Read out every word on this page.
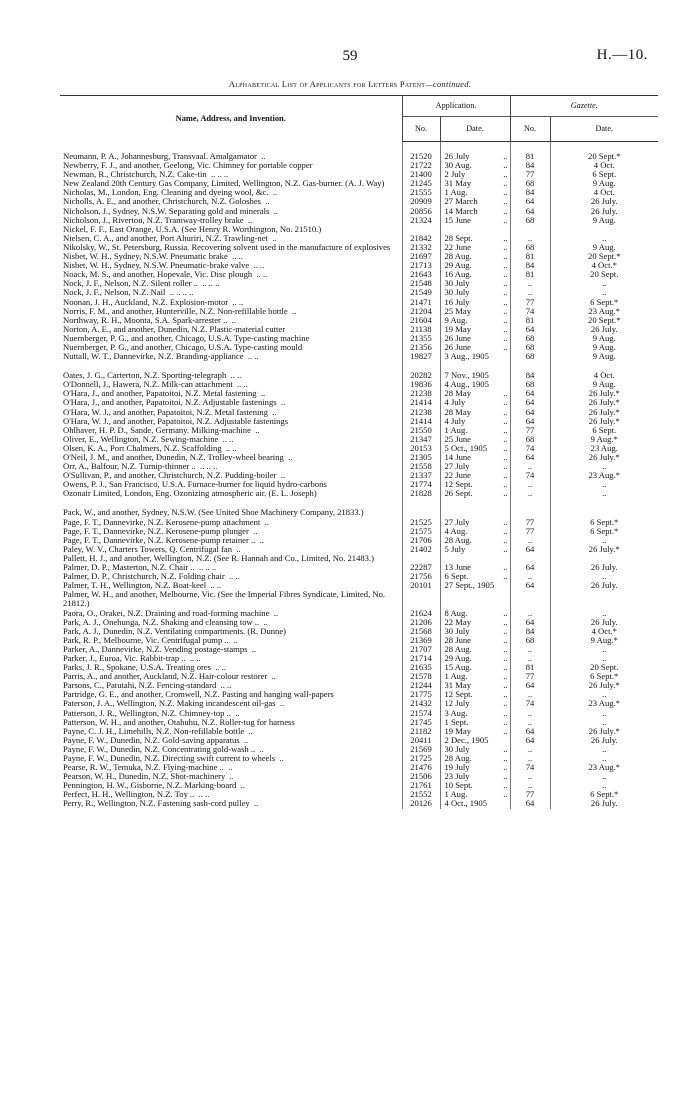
59	H.—10.
Alphabetical List of Applicants for Letters Patent—continued.
Name, Address, and Invention.	Application.		Gazette.	
	No.	Date.	No.	Date.
Neumann, P. A., Johannesburg, Transvaal. Amalgamator ..	21520	26 July ..	81	20 Sept.*
Newberry, F. J., and another, Geelong, Vic. Chimney for portable copper	21722	30 Aug. ..	84	4 Oct.
Newman, R., Christchurch, N.Z. Cake-tin .. .. ..	21400	2 July ..	77	6 Sept.
New Zealand 20th Century Gas Company, Limited, Wellington, N.Z. Gas-burner. (A. J. Way)	21245	31 May ..	68	9 Aug.
Nicholas, M., London, Eng. Cleaning and dyeing wool, &c. ..	21555	1 Aug. ..	84	4 Oct.
Nicholls, A. E., and another, Christchurch, N.Z. Goloshes ..	20909	27 March ..	64	26 July.
Nicholson, J., Sydney, N.S.W. Separating gold and minerals ..	20856	14 March ..	64	26 July.
Nicholson, J., Riverton, N.Z. Tramway-trolley brake ..	21324	15 June ..	68	9 Aug.
Nickel, F. F., East Orange, U.S.A. (See Henry R. Worthington, No. 21510.)				
Nielsen, C. A., and another, Port Ahuriri, N.Z. Trawling-net ..	21842	28 Sept. ..	..	..
Nikolsky, W., St. Petersburg, Russia. Recovering solvent used in the manufacture of explosives	21332	22 June ..	68	9 Aug.
Nisbet, W. H., Sydney, N.S.W. Pneumatic brake .. ..	21697	28 Aug. ..	81	20 Sept.*
Nisbet, W. H., Sydney, N.S.W. Pneumatic-brake valve .. ..	21713	29 Aug. ..	84	4 Oct.*
Noack, M. S., and another, Hopevale, Vic. Disc plough .. ..	21643	16 Aug. ..	81	20 Sept.
Nock, J. F., Nelson, N.Z. Silent roller .. .. .. ..	21548	30 July ..	..	..
Nock, J. F., Nelson, N.Z. Nail .. .. .. ..	21549	30 July ..	..	..
Noonan, J. H., Auckland, N.Z. Explosion-motor .. ..	21471	16 July ..	77	6 Sept.*
Norris, F. M., and another, Hunterville, N.Z. Non-refillable bottle ..	21204	25 May ..	74	23 Aug.*
Northway, R. H., Moonta, S.A. Spark-arrester .. ..	21604	9 Aug. ..	81	20 Sept.*
Norton, A. E., and another, Dunedin, N.Z. Plastic-material cutter	21138	19 May ..	64	26 July.
Nuernberger, P. G., and another, Chicago, U.S.A. Type-casting machine	21355	26 June ..	68	9 Aug.
Nuernberger, P. G., and another, Chicago, U.S.A. Type-casting mould	21356	26 June ..	68	9 Aug.
Nuttall, W. T., Dannevirke, N.Z. Branding-appliance .. ..	19827	3 Aug., 1905	68	9 Aug.

Oates, J. G., Carterton, N.Z. Sporting-telegraph .. ..	20282	7 Nov., 1905	84	4 Oct.
O'Donnell, J., Hawera, N.Z. Milk-can attachment .. ..	19836	4 Aug., 1905	68	9 Aug.
O'Hara, J., and another, Papatoitoi, N.Z. Metal fastening ..	21238	28 May ..	64	26 July.*
O'Hara, J., and another, Papatoitoi, N.Z. Adjustable fastenings ..	21414	4 July ..	64	26 July.*
O'Hara, W. J., and another, Papatoitoi, N.Z. Metal fastening ..	21238	28 May ..	64	26 July.*
O'Hara, W. J., and another, Papatoitoi, N.Z. Adjustable fastenings	21414	4 July ..	64	26 July.*
Ohlhaver, H. P. D., Sande, Germany. Milking-machine ..	21550	1 Aug. ..	77	6 Sept.
Oliver, E., Wellington, N.Z. Sewing-machine .. ..	21347	25 June ..	68	9 Aug.*
Olsen, K. A., Port Chalmers, N.Z. Scaffolding .. ..	20153	5 Oct., 1905 ..	74	23 Aug.
O'Neil, J. M., and another, Dunedin, N.Z. Trolley-wheel bearing ..	21305	14 June ..	64	26 July.*
Orr, A., Balfour, N.Z. Turnip-thinner .. .. .. ..	21558	27 July ..	..	..
O'Sullivan, P., and another, Christchurch, N.Z. Pudding-boiler ..	21337	22 June ..	74	23 Aug.*
Owens, P. J., San Francisco, U.S.A. Furnace-burner for liquid hydro-carbons	21774	12 Sept. ..	..	..
Ozonair Limited, London, Eng. Ozonizing atmospheric air. (E. L. Joseph)	21828	26 Sept. ..	..	..

Pack, W., and another, Sydney, N.S.W. (See United Shoe Machinery Company, 21833.)				
Page, F. T., Dannevirke, N.Z. Kerosene-pump attachment ..	21525	27 July ..	77	6 Sept.*
Page, F. T., Dannevirke, N.Z. Kerosene-pump plunger ..	21575	4 Aug. ..	77	6 Sept.*
Page, F. T., Dannevirke, N.Z. Kerosene-pump retainer .. ..	21706	28 Aug. ..	..	..
Paley, W. V., Charters Towers, Q. Centrifugal fan ..	21402	5 July ..	64	26 July.*
Pallett, H. J., and another, Wellington, N.Z. (See R. Hannah and Co., Limited, No. 21483.)				
Palmer, D. P., Masterton, N.Z. Chair .. .. .. ..	22287	13 June ..	64	26 July.
Palmer, D. P., Christchurch, N.Z. Folding chair .. ..	21756	6 Sept. ..	..	..
Palmer, T. H., Wellington, N.Z. Boat-keel .. ..	20101	27 Sept., 1905	64	26 July.
Palmer, W. H., and another, Melbourne, Vic. (See the Imperial Fibres Syndicate, Limited, No. 21812.)				
Paora, O., Orakei, N.Z. Draining and road-forming machine ..	21624	8 Aug. ..	..	..
Park, A. J., Onehunga, N.Z. Shaking and cleansing tow .. ..	21206	22 May ..	64	26 July.
Park, A. J., Dunedin, N.Z. Ventilating compartments. (R. Dunne)	21568	30 July ..	84	4 Oct.*
Park, R. P., Melbourne, Vic. Centrifugal pump .. ..	21369	28 June ..	68	9 Aug.*
Parker, A., Dannevirke, N.Z. Vending postage-stamps ..	21707	28 Aug. ..	..	..
Parker, J., Euroa, Vic. Rabbit-trap .. .. ..	21714	29 Aug. ..	..	..
Parks, J. R., Spokane, U.S.A. Treating ores .. ..	21635	15 Aug. ..	81	20 Sept.
Parris, A., and another, Auckland, N.Z. Hair-colour restorer ..	21578	1 Aug. ..	77	6 Sept.*
Parsons, C., Patutahi, N.Z. Fencing-standard .. ..	21244	31 May ..	64	26 July.*
Partridge, G. E., and another, Cromwell, N.Z. Pasting and hanging wall-papers	21775	12 Sept. ..	..	..
Paterson, J. A., Wellington, N.Z. Making incandescent oil-gas ..	21432	12 July ..	74	23 Aug.*
Patterson, J. R., Wellington, N.Z. Chimney-top .. ..	21574	3 Aug. ..	..	..
Patterson, W. H., and another, Otahuhu, N.Z. Roller-tug for harness	21745	1 Sept. ..	..	..
Payne, C. J. H., Limehills, N.Z. Non-refillable bottle ..	21182	19 May ..	64	26 July.*
Payne, F. W., Dunedin, N.Z. Gold-saving apparatus ..	20411	2 Dec., 1905	64	26 July.
Payne, F. W., Dunedin, N.Z. Concentrating gold-wash .. ..	21569	30 July ..	..	..
Payne, F. W., Dunedin, N.Z. Directing swift current to wheels ..	21725	28 Aug. ..	..	..
Pearse, R. W., Temuka, N.Z. Flying-machine .. ..	21476	19 July ..	74	23 Aug.*
Pearson, W. H., Dunedin, N.Z. Shot-machinery ..	21506	23 July ..	..	..
Pennington, H. W., Gisborne, N.Z. Marking-board ..	21761	10 Sept. ..	..	..
Perfect, H. H., Wellington, N.Z. Toy .. .. ..	21552	1 Aug. ..	77	6 Sept.*
Perry, R., Wellington, N.Z. Fastening sash-cord pulley ..	20126	4 Oct., 1905	64	26 July.
